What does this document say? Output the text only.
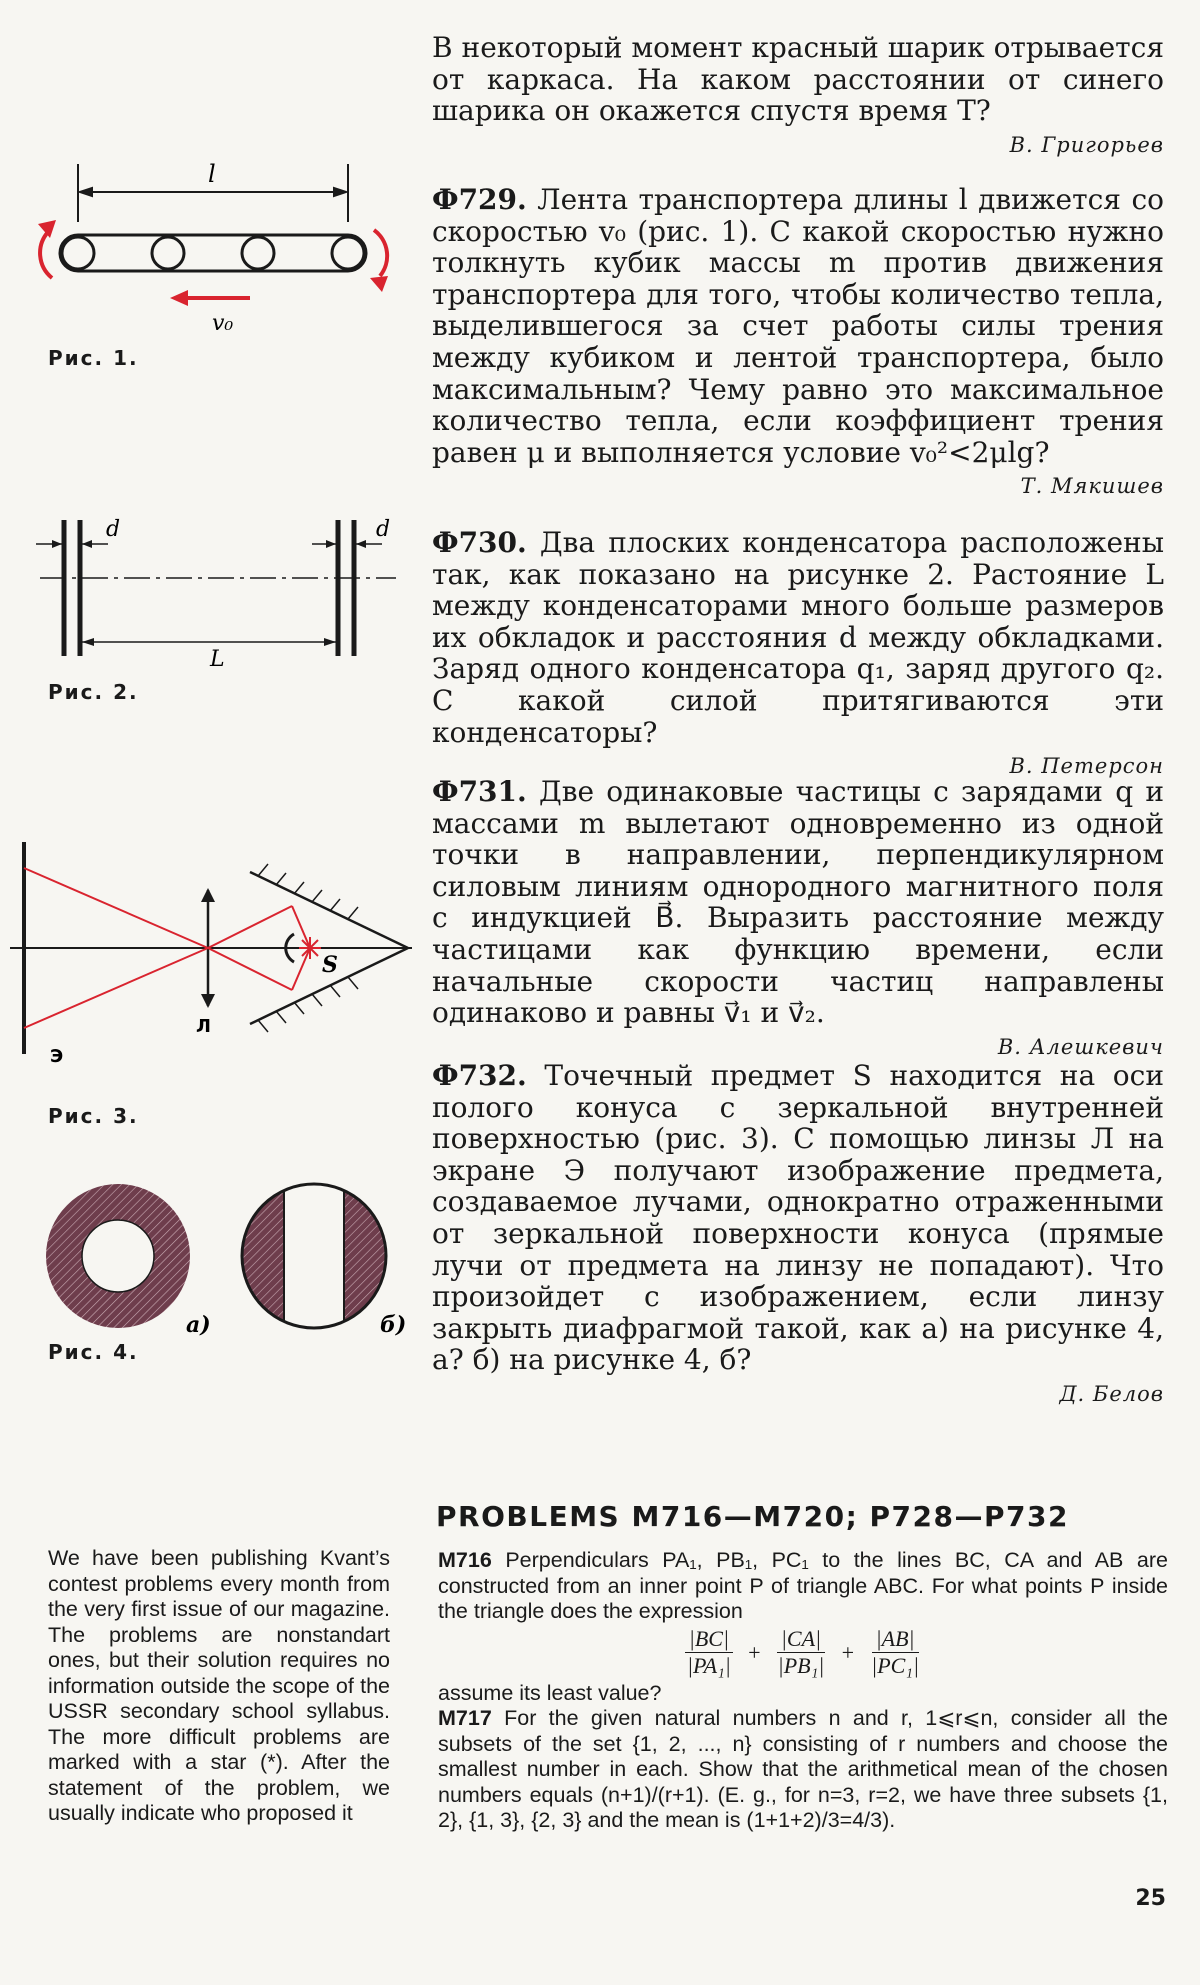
В некоторый момент красный шарик отрывается от каркаса. На каком расстоянии от синего шарика он окажется спустя время T?

В. Григорьев

Ф729. Лента транспортера длины l движется со скоростью v₀ (рис. 1). С какой скоростью нужно толкнуть кубик массы m против движения транспортера для того, чтобы количество тепла, выделившегося за счет работы силы трения между кубиком и лентой транспортера, было максимальным? Чему равно это максимальное количество тепла, если коэффициент трения равен μ и выполняется условие v₀²<2μlg?

Т. Мякишев

Ф730. Два плоских конденсатора расположены так, как показано на рисунке 2. Растояние L между конденсаторами много больше размеров их обкладок и расстояния d между обкладками. Заряд одного конденсатора q₁, заряд другого q₂. С какой силой притягиваются эти конденсаторы?

В. Петерсон

Ф731. Две одинаковые частицы с зарядами q и массами m вылетают одновременно из одной точки в направлении, перпендикулярном силовым линиям однородного магнитного поля с индукцией B⃗. Выразить расстояние между частицами как функцию времени, если начальные скорости частиц направлены одинаково и равны v⃗₁ и v⃗₂.

В. Алешкевич

Ф732. Точечный предмет S находится на оси полого конуса с зеркальной внутренней поверхностью (рис. 3). С помощью линзы Л на экране Э получают изображение предмета, создаваемое лучами, однократно отраженными от зеркальной поверхности конуса (прямые лучи от предмета на линзу не попадают). Что произойдет с изображением, если линзу закрыть диафрагмой такой, как а) на рисунке 4, а? б) на рисунке 4, б?

Д. Белов

l
v₀
Рис. 1.
d	d
L
Рис. 2.
S
Л
Э
Рис. 3.
а)	б)
Рис. 4.
PROBLEMS M716—M720; P728—P732

M716 Perpendiculars PA₁, PB₁, PC₁ to the lines BC, CA and AB are constructed from an inner point P of triangle ABC. For what points P inside the triangle does the expression

$\frac{|BC|}{\text{|PA₁|}} + \frac{|CA|}{\text{|PB₁|}} + \frac{|AB|}{\text{|PC₁|}}$

assume its least value?

M717 For the given natural numbers n and r, 1⩽r⩽n, consider all the subsets of the set {1, 2, ..., n} consisting of r numbers and choose the smallest number in each. Show that the arithmetical mean of the chosen numbers equals (n+1)/(r+1). (E. g., for n=3, r=2, we have three subsets {1, 2}, {1, 3}, {2, 3} and the mean is (1+1+2)/3=4/3).

We have been publishing Kvant’s contest problems every month from the very first issue of our magazine. The problems are nonstandart ones, but their solution requires no information outside the scope of the USSR secondary school syllabus. The more difficult problems are marked with a star (*). After the statement of the problem, we usually indicate who proposed it

25
